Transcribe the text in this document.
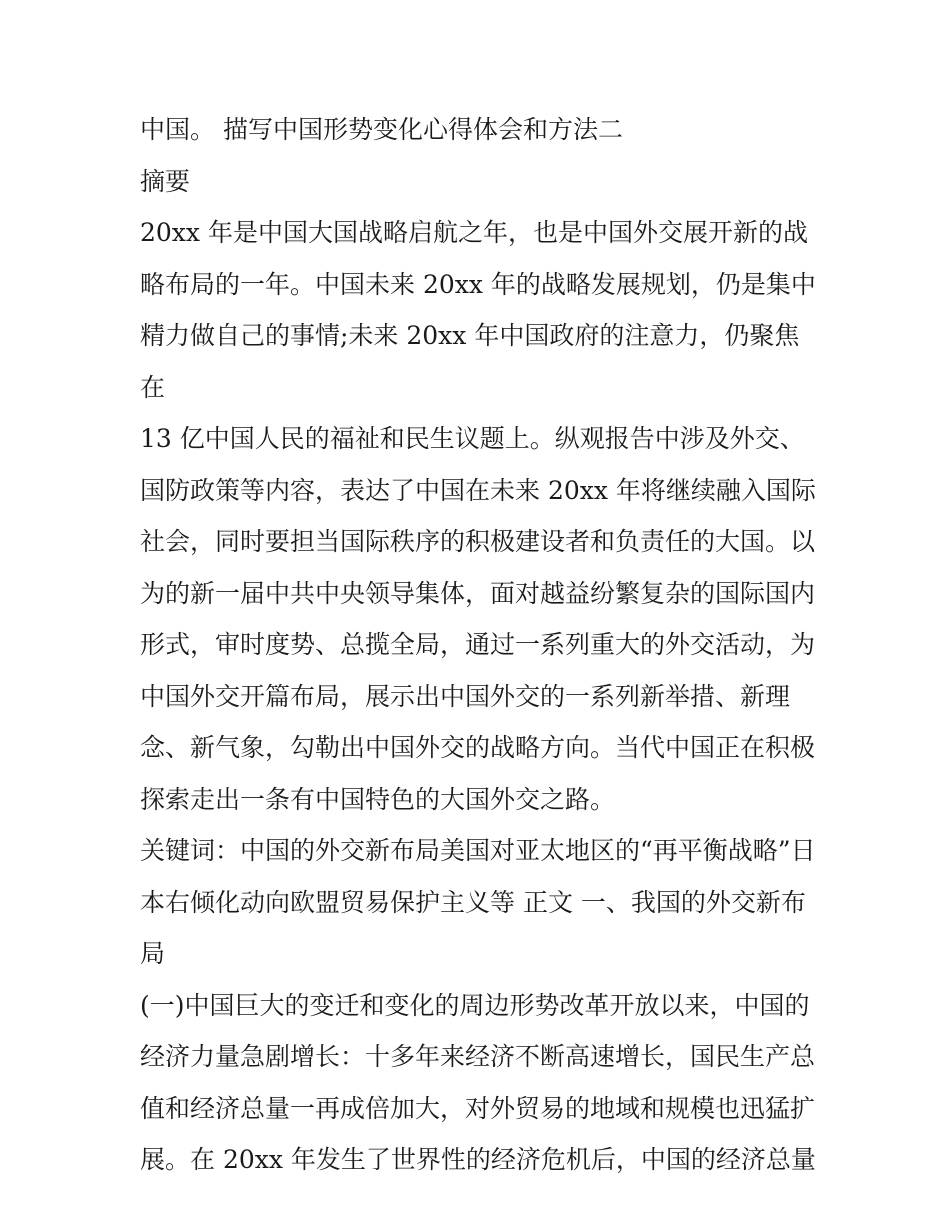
中国。 描写中国形势变化心得体会和方法二

摘要

20xx 年是中国大国战略启航之年，也是中国外交展开新的战

略布局的一年。中国未来 20xx 年的战略发展规划，仍是集中

精力做自己的事情;未来 20xx 年中国政府的注意力，仍聚焦在

13 亿中国人民的福祉和民生议题上。纵观报告中涉及外交、

国防政策等内容，表达了中国在未来 20xx 年将继续融入国际

社会，同时要担当国际秩序的积极建设者和负责任的大国。以

为的新一届中共中央领导集体，面对越益纷繁复杂的国际国内

形式，审时度势、总揽全局，通过一系列重大的外交活动，为

中国外交开篇布局，展示出中国外交的一系列新举措、新理

念、新气象，勾勒出中国外交的战略方向。当代中国正在积极

探索走出一条有中国特色的大国外交之路。

关键词：中国的外交新布局美国对亚太地区的“再平衡战略”日

本右倾化动向欧盟贸易保护主义等 正文 一、我国的外交新布

局

(一)中国巨大的变迁和变化的周边形势改革开放以来，中国的

经济力量急剧增长：十多年来经济不断高速增长，国民生产总

值和经济总量一再成倍加大，对外贸易的地域和规模也迅猛扩

展。在 20xx 年发生了世界性的经济危机后，中国的经济总量
